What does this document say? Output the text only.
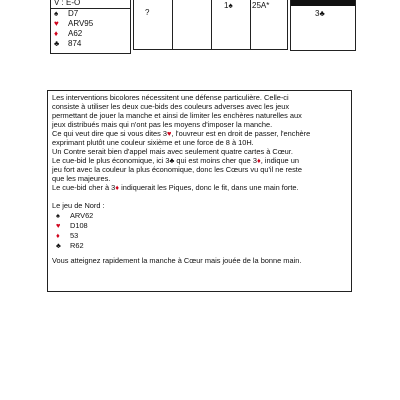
V : E-O
♠ D7
♥ ARV95
♦ A62
♣ 874
?
1♠ 25A*
3♣
Les interventions bicolores nécessitent une défense particulière. Celle-ci
consiste à utiliser les deux cue-bids des couleurs adverses avec les jeux
permettant de jouer la manche et ainsi de limiter les enchères naturelles aux
jeux distribués mais qui n'ont pas les moyens d'imposer la manche.
Ce qui veut dire que si vous dites 3♥, l'ouvreur est en droit de passer, l'enchère
exprimant plutôt une couleur sixième et une force de 8 à 10H.
Un Contre serait bien d'appel mais avec seulement quatre cartes à Cœur.
Le cue-bid le plus économique, ici 3♣ qui est moins cher que 3♦, indique un
jeu fort avec la couleur la plus économique, donc les Cœurs vu qu'il ne reste
que les majeures.
Le cue-bid cher à 3♦ indiquerait les Piques, donc le fit, dans une main forte.
Le jeu de Nord :
♠ ARV62
♥ D108
♦ 53
♣ R62
Vous atteignez rapidement la manche à Cœur mais jouée de la bonne main.
